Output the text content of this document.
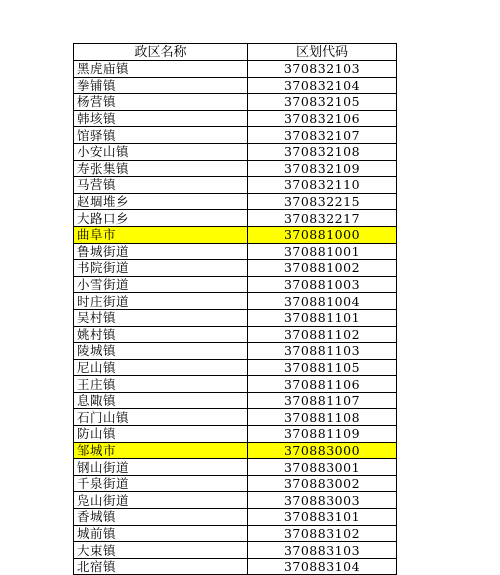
政区名称	区划代码
黑虎庙镇	370832103
拳铺镇	370832104
杨营镇	370832105
韩垓镇	370832106
馆驿镇	370832107
小安山镇	370832108
寿张集镇	370832109
马营镇	370832110
赵堌堆乡	370832215
大路口乡	370832217
曲阜市	370881000
鲁城街道	370881001
书院街道	370881002
小雪街道	370881003
时庄街道	370881004
吴村镇	370881101
姚村镇	370881102
陵城镇	370881103
尼山镇	370881105
王庄镇	370881106
息陬镇	370881107
石门山镇	370881108
防山镇	370881109
邹城市	370883000
钢山街道	370883001
千泉街道	370883002
凫山街道	370883003
香城镇	370883101
城前镇	370883102
大束镇	370883103
北宿镇	370883104
